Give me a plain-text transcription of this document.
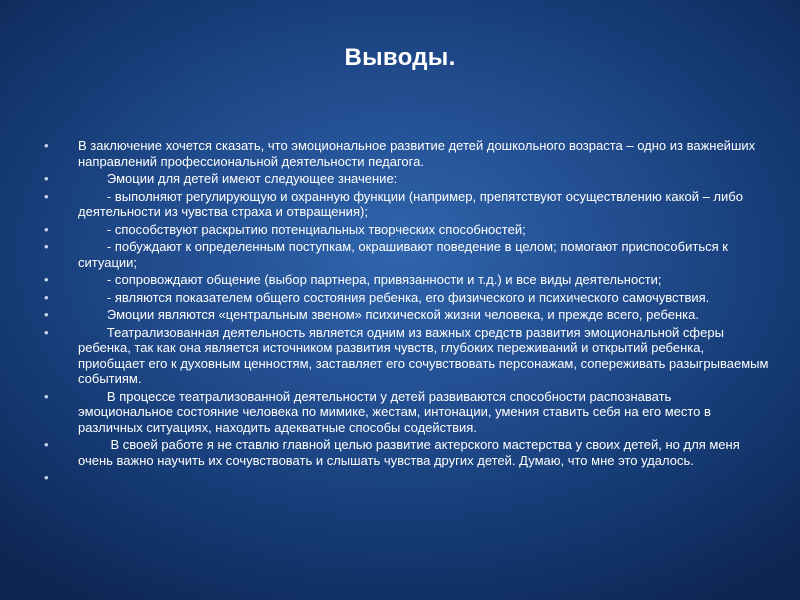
Выводы.
•	В заключение хочется сказать, что эмоциональное развитие детей дошкольного возраста – одно из важнейших направлений профессиональной деятельности педагога.
•	Эмоции для детей имеют следующее значение:
•	- выполняют регулирующую и охранную функции (например, препятствуют осуществлению какой – либо деятельности из чувства страха и отвращения);
•	- способствуют раскрытию потенциальных творческих способностей;
•	- побуждают к определенным поступкам, окрашивают поведение в целом; помогают приспособиться к ситуации;
•	- сопровождают общение (выбор партнера, привязанности и т.д.) и все виды деятельности;
•	- являются показателем общего состояния ребенка, его физического и психического самочувствия.
•	Эмоции являются «центральным звеном» психической жизни человека, и прежде всего, ребенка.
•	Театрализованная деятельность является одним из важных средств развития эмоциональной сферы ребенка, так как она является источником развития чувств, глубоких переживаний и открытий ребенка, приобщает его к духовным ценностям, заставляет его сочувствовать персонажам, сопереживать разыгрываемым событиям.
•	В процессе театрализованной деятельности у детей развиваются способности распознавать эмоциональное состояние человека по мимике, жестам, интонации, умения ставить себя на его место в различных ситуациях, находить адекватные способы содействия.
•	В своей работе я не ставлю главной целью развитие актерского мастерства у своих детей, но для меня очень важно научить их сочувствовать и слышать чувства других детей. Думаю, что мне это удалось.
•
